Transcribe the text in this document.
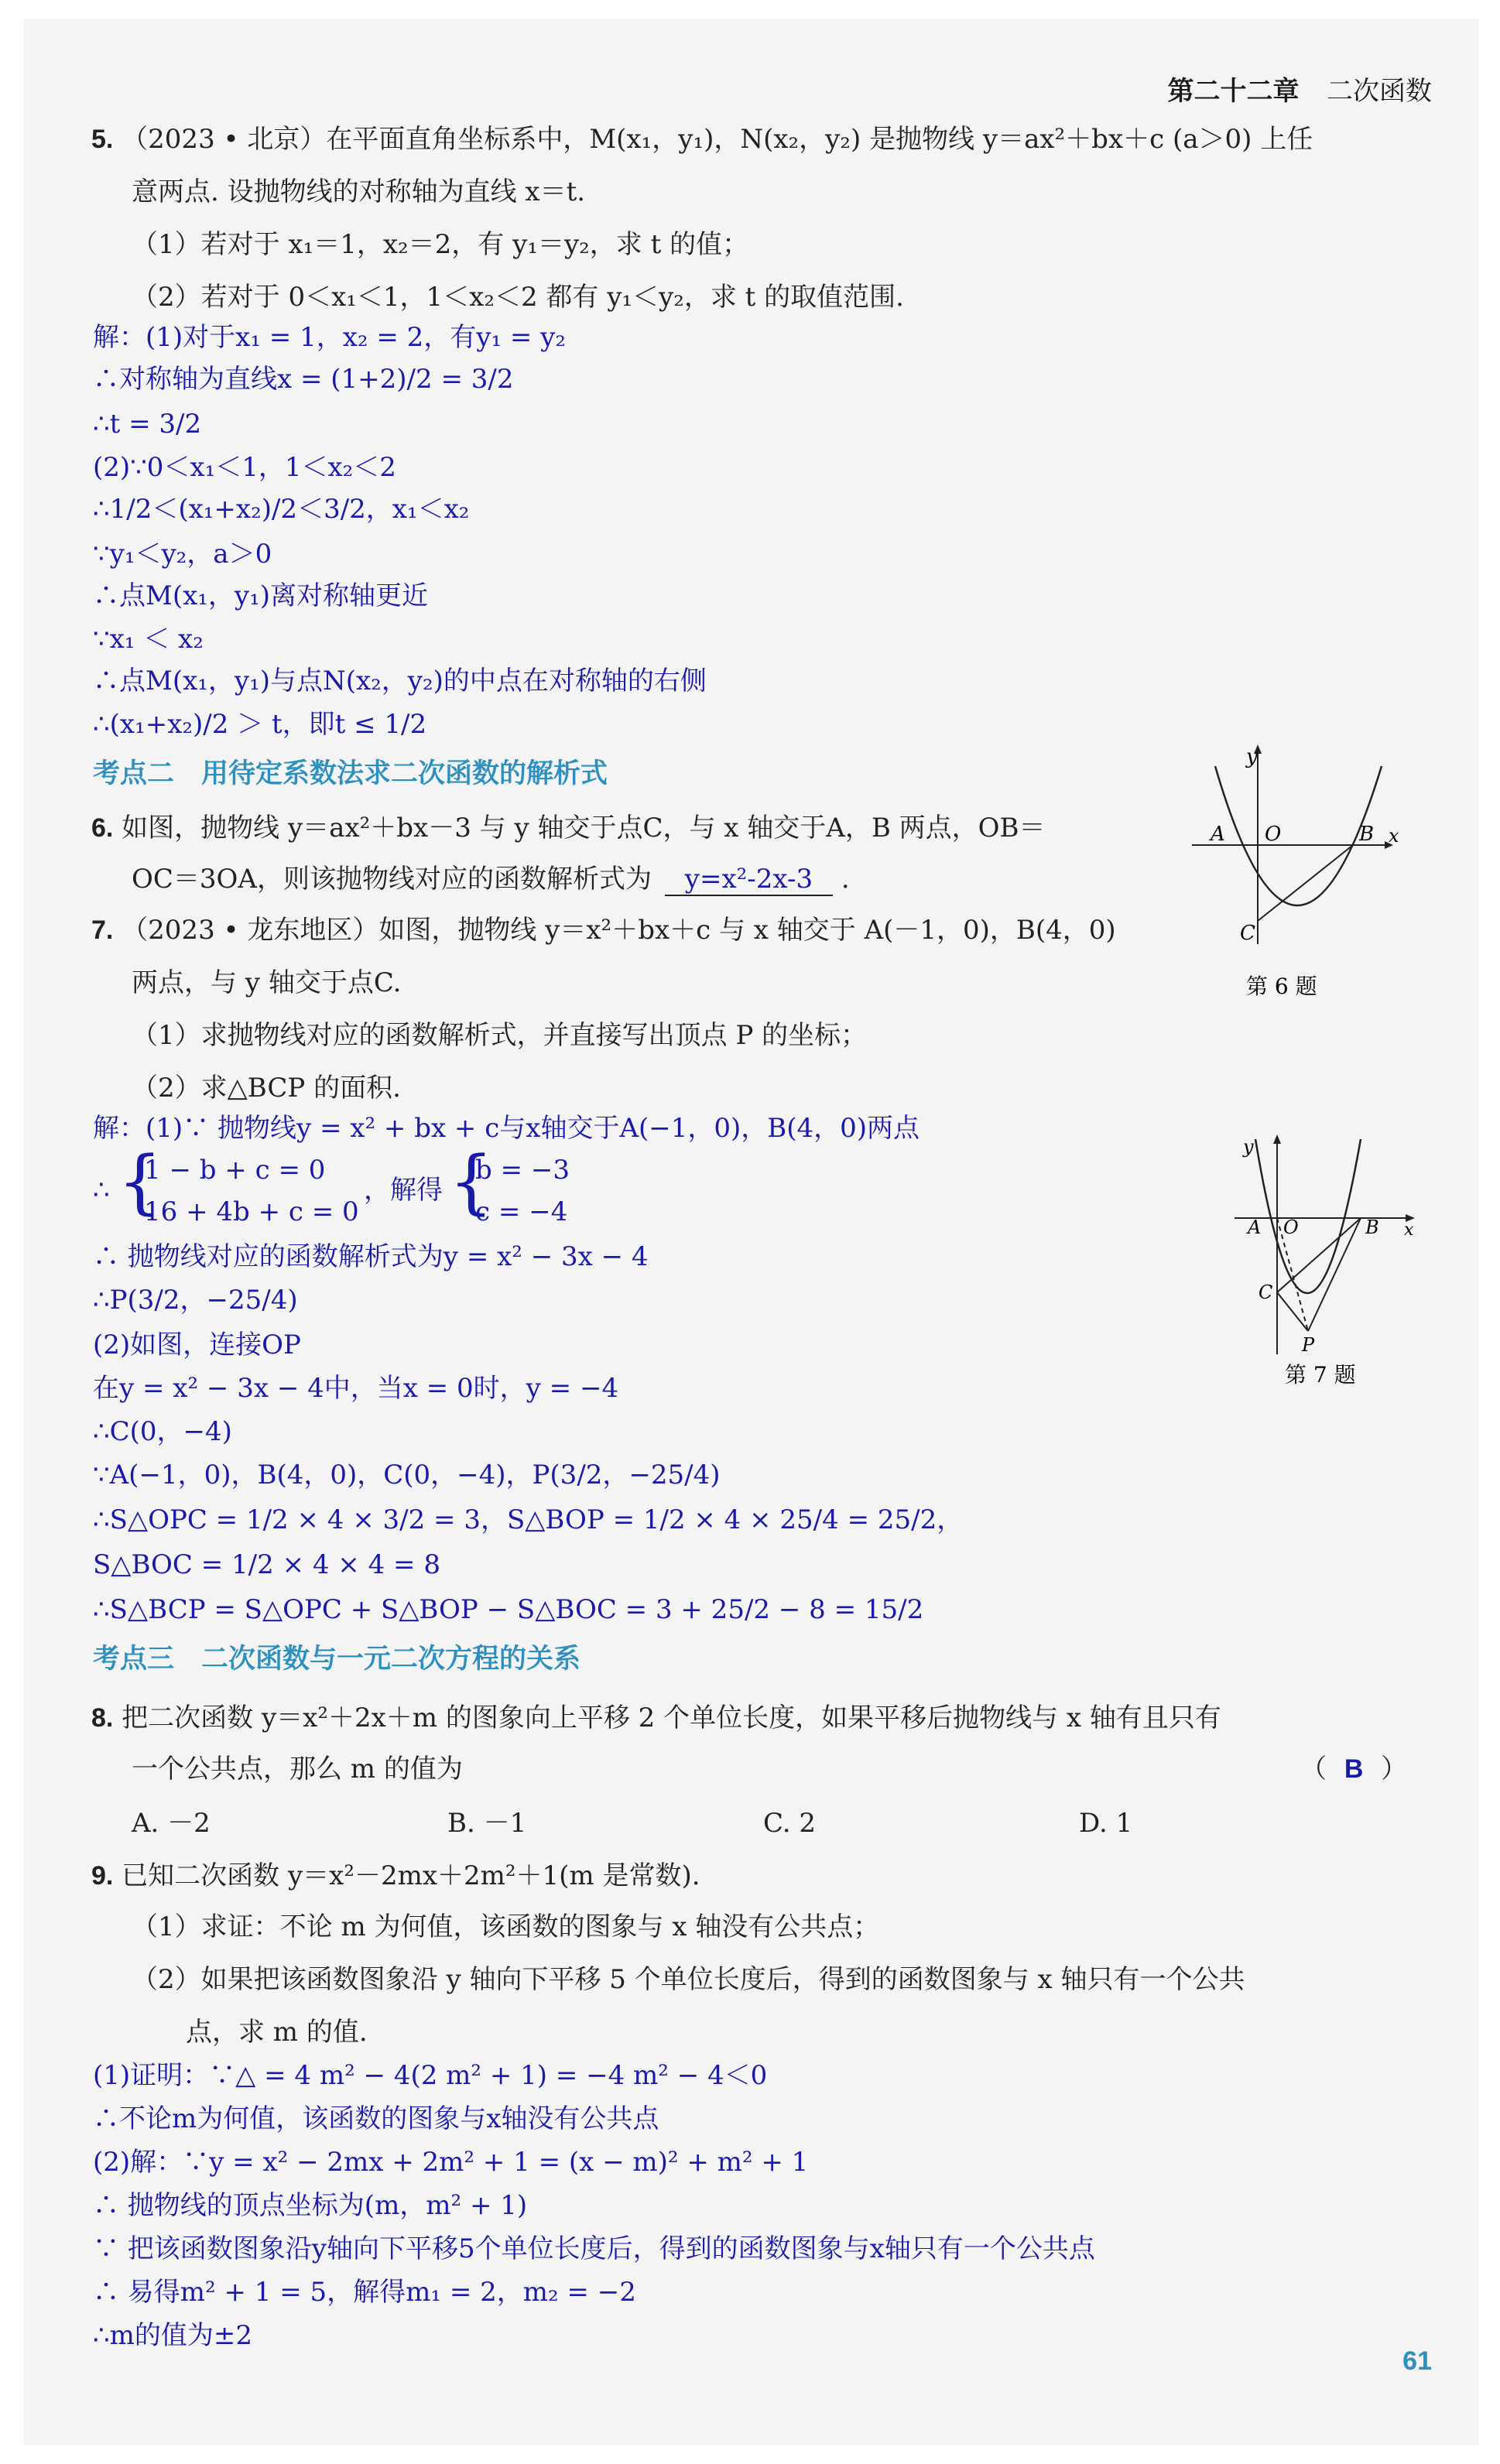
第二十二章 二次函数
5. （2023 • 北京）在平面直角坐标系中，M(x₁，y₁)，N(x₂，y₂) 是抛物线 y＝ax²＋bx＋c (a＞0) 上任
意两点. 设抛物线的对称轴为直线 x＝t.
（1）若对于 x₁＝1，x₂＝2，有 y₁＝y₂，求 t 的值；
（2）若对于 0＜x₁＜1，1＜x₂＜2 都有 y₁＜y₂，求 t 的取值范围.
解：(1)对于x₁ = 1，x₂ = 2，有y₁ = y₂
∴对称轴为直线x = (1+2)/2 = 3/2
∴t = 3/2
(2)∵0＜x₁＜1，1＜x₂＜2
∴1/2＜(x₁+x₂)/2＜3/2，x₁＜x₂
∵y₁＜y₂，a＞0
∴点M(x₁，y₁)离对称轴更近
∵x₁ ＜ x₂
∴点M(x₁，y₁)与点N(x₂，y₂)的中点在对称轴的右侧
∴(x₁+x₂)/2 ＞ t，即t ≤ 1/2
考点二　用待定系数法求二次函数的解析式
6. 如图，抛物线 y＝ax²＋bx－3 与 y 轴交于点C，与 x 轴交于A，B 两点，OB＝
OC＝3OA，则该抛物线对应的函数解析式为 y=x²-2x-3 .
y
x
A O	B
C
第 6 题
7. （2023 • 龙东地区）如图，抛物线 y＝x²＋bx＋c 与 x 轴交于 A(－1，0)，B(4，0)
两点，与 y 轴交于点C.
（1）求抛物线对应的函数解析式，并直接写出顶点 P 的坐标；
（2）求△BCP 的面积.
解：(1)∵ 抛物线y = x² + bx + c与x轴交于A(−1，0)，B(4，0)两点
∴ {
1 − b + c = 0
16 + 4b + c = 0
，解得 {
b = −3
c = −4
∴ 抛物线对应的函数解析式为y = x² − 3x − 4
∴P(3/2，−25/4)
(2)如图，连接OP
在y = x² − 3x − 4中，当x = 0时，y = −4
∴C(0，−4)
∵A(−1，0)，B(4，0)，C(0，−4)，P(3/2，−25/4)
∴S△OPC = 1/2 × 4 × 3/2 = 3，S△BOP = 1/2 × 4 × 25/4 = 25/2，
S△BOC = 1/2 × 4 × 4 = 8
∴S△BCP = S△OPC + S△BOP − S△BOC = 3 + 25/2 − 8 = 15/2
y
x
A O	B
C
P
第 7 题
考点三　二次函数与一元二次方程的关系
8. 把二次函数 y＝x²＋2x＋m 的图象向上平移 2 个单位长度，如果平移后抛物线与 x 轴有且只有
一个公共点，那么 m 的值为	（ B ）
A. －2	B. －1	C. 2	D. 1
9. 已知二次函数 y＝x²－2mx＋2m²＋1(m 是常数).
（1）求证：不论 m 为何值，该函数的图象与 x 轴没有公共点；
（2）如果把该函数图象沿 y 轴向下平移 5 个单位长度后，得到的函数图象与 x 轴只有一个公共
点，求 m 的值.
(1)证明：∵△ = 4 m² − 4(2 m² + 1) = −4 m² − 4＜0
∴不论m为何值，该函数的图象与x轴没有公共点
(2)解：∵y = x² − 2mx + 2m² + 1 = (x − m)² + m² + 1
∴ 抛物线的顶点坐标为(m，m² + 1)
∵ 把该函数图象沿y轴向下平移5个单位长度后，得到的函数图象与x轴只有一个公共点
∴ 易得m² + 1 = 5，解得m₁ = 2，m₂ = −2
∴m的值为±2
61
